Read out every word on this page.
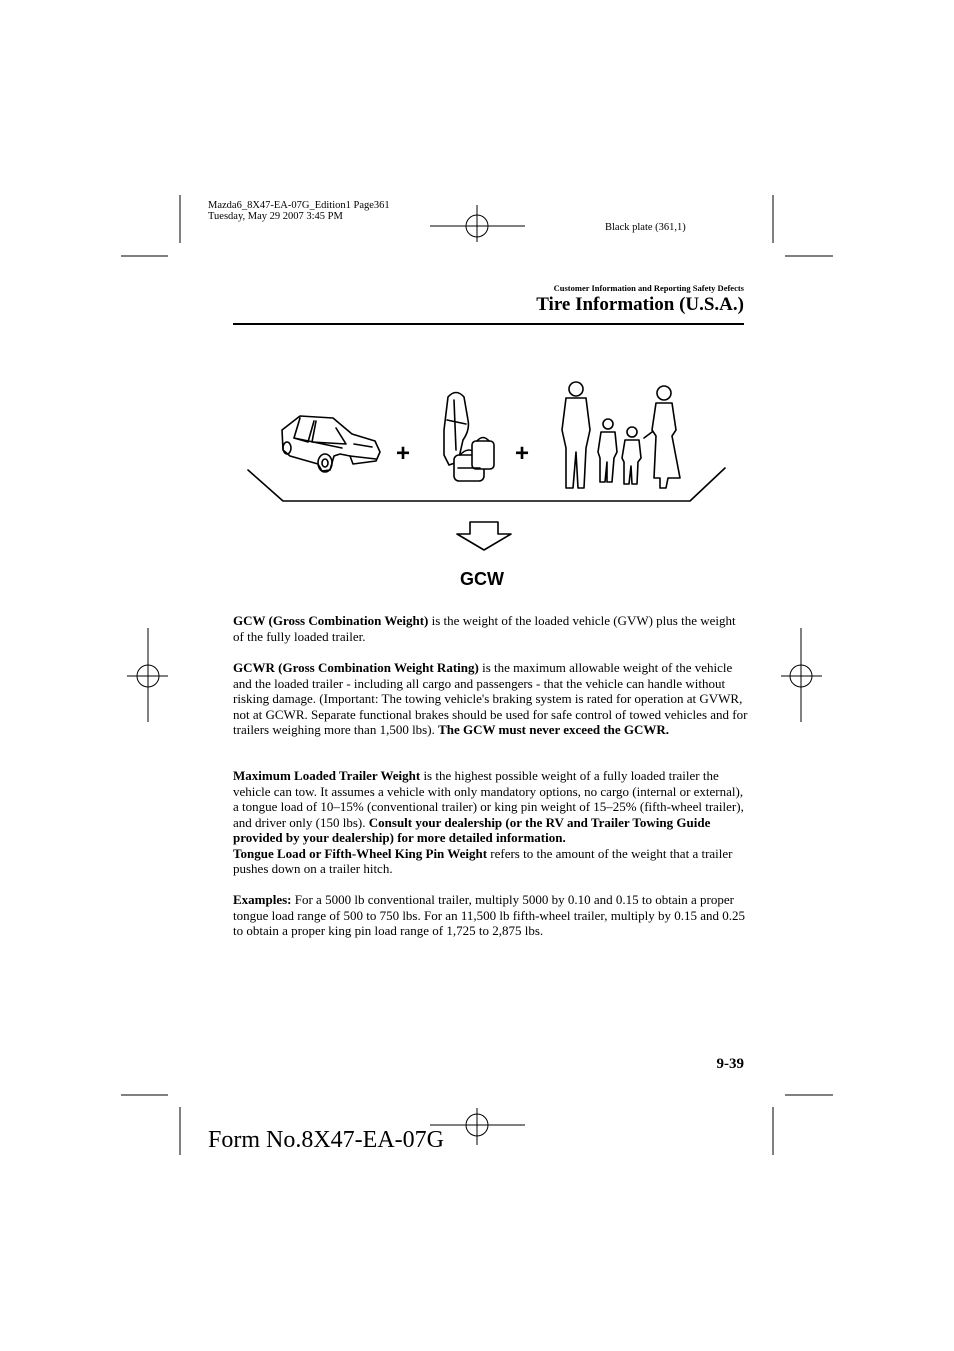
Mazda6_8X47-EA-07G_Edition1 Page361
Tuesday, May 29 2007 3:45 PM
Black plate (361,1)
Customer Information and Reporting Safety Defects
Tire Information (U.S.A.)
+	+
GCW
GCW (Gross Combination Weight) is the weight of the loaded vehicle (GVW) plus the weight of the fully loaded trailer.
GCWR (Gross Combination Weight Rating) is the maximum allowable weight of the vehicle and the loaded trailer - including all cargo and passengers - that the vehicle can handle without risking damage. (Important: The towing vehicle's braking system is rated for operation at GVWR, not at GCWR. Separate functional brakes should be used for safe control of towed vehicles and for trailers weighing more than 1,500 lbs). The GCW must never exceed the GCWR.
Maximum Loaded Trailer Weight is the highest possible weight of a fully loaded trailer the vehicle can tow. It assumes a vehicle with only mandatory options, no cargo (internal or external), a tongue load of 10–15% (conventional trailer) or king pin weight of 15–25% (fifth-wheel trailer), and driver only (150 lbs). Consult your dealership (or the RV and Trailer Towing Guide provided by your dealership) for more detailed information.
Tongue Load or Fifth-Wheel King Pin Weight refers to the amount of the weight that a trailer pushes down on a trailer hitch.
Examples: For a 5000 lb conventional trailer, multiply 5000 by 0.10 and 0.15 to obtain a proper tongue load range of 500 to 750 lbs. For an 11,500 lb fifth-wheel trailer, multiply by 0.15 and 0.25 to obtain a proper king pin load range of 1,725 to 2,875 lbs.
9-39
Form No.8X47-EA-07G
